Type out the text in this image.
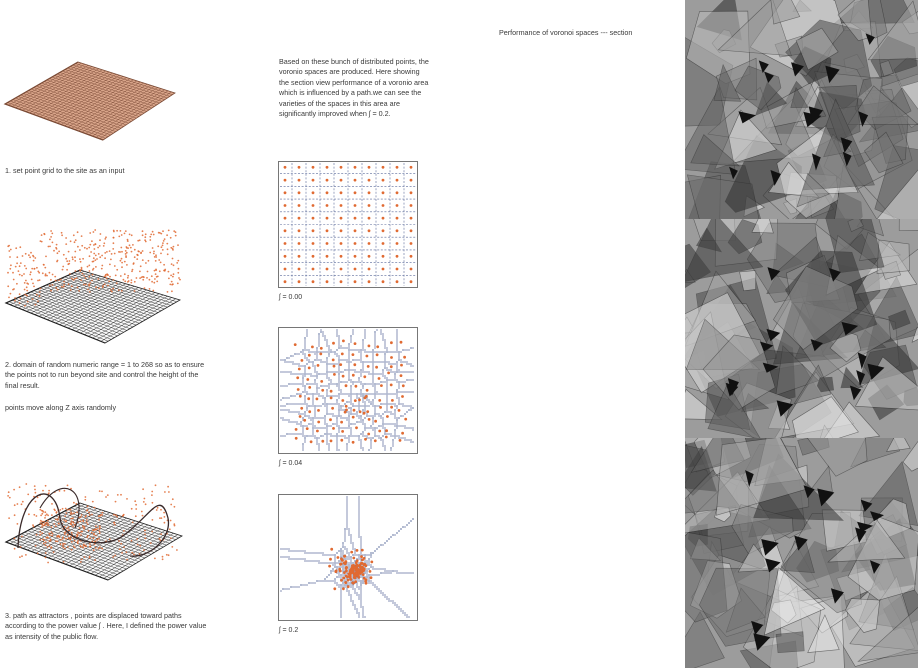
Performance of voronoi spaces --- section

Based on these bunch of distributed points, the voronio spaces are produced. Here showing the section view performance of a voronio area which is influenced by a path.we can see the varieties of the spaces in this area are significantly improved when ʃ = 0.2.

1. set point grid to the site as an input

2. domain of random numeric range = 1 to 268 so as to ensure the points not to run beyond site and control the height of the final result.

points move along Z axis randomly

3. path as attractors , points are displaced toward paths according to the power value ʃ . Here, I defined the power value as intensity of the public flow.

ʃ = 0.00
ʃ = 0.04
ʃ = 0.2
